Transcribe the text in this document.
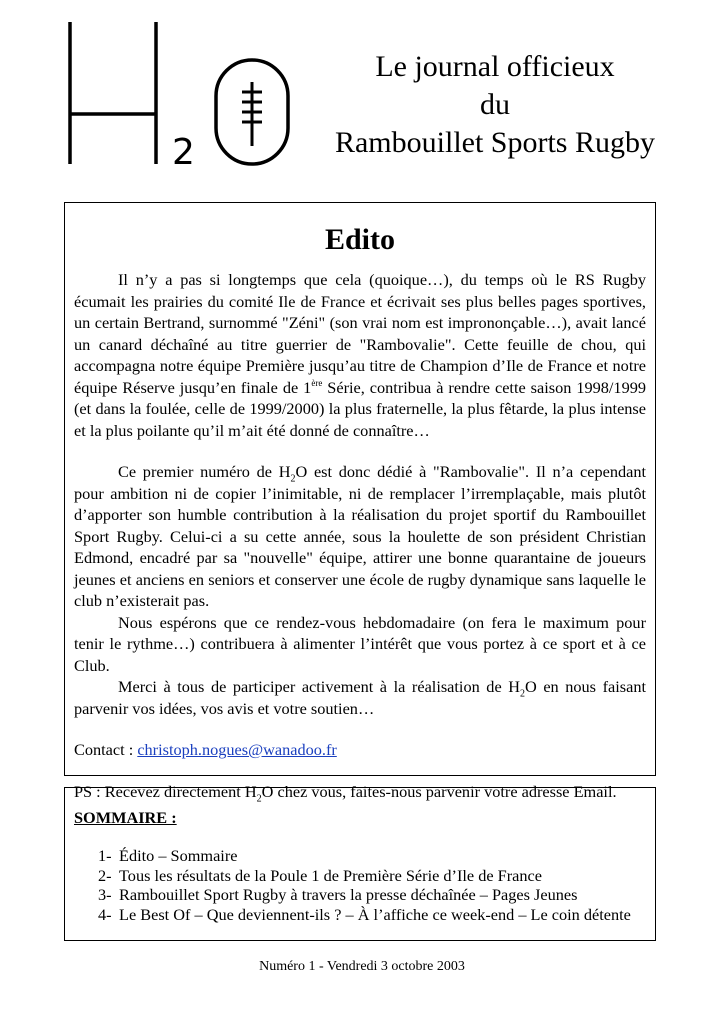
2
Le journal officieux
du
Rambouillet Sports Rugby
Edito

Il n’y a pas si longtemps que cela (quoique…), du temps où le RS Rugby écumait les prairies du comité Ile de France et écrivait ses plus belles pages sportives, un certain Bertrand, surnommé "Zéni" (son vrai nom est imprononçable…), avait lancé un canard déchaîné au titre guerrier de "Rambovalie". Cette feuille de chou, qui accompagna notre équipe Première jusqu’au titre de Champion d’Ile de France et notre équipe Réserve jusqu’en finale de 1ère Série, contribua à rendre cette saison 1998/1999 (et dans la foulée, celle de 1999/2000) la plus fraternelle, la plus fêtarde, la plus intense et la plus poilante qu’il m’ait été donné de connaître…

Ce premier numéro de $H_2O$ est donc dédié à "Rambovalie". Il n’a cependant pour ambition ni de copier l’inimitable, ni de remplacer l’irremplaçable, mais plutôt d’apporter son humble contribution à la réalisation du projet sportif du Rambouillet Sport Rugby. Celui-ci a su cette année, sous la houlette de son président Christian Edmond, encadré par sa "nouvelle" équipe, attirer une bonne quarantaine de joueurs jeunes et anciens en seniors et conserver une école de rugby dynamique sans laquelle le club n’existerait pas.

Nous espérons que ce rendez-vous hebdomadaire (on fera le maximum pour tenir le rythme…) contribuera à alimenter l’intérêt que vous portez à ce sport et à ce Club.

Merci à tous de participer activement à la réalisation de $H_2O$ en nous faisant parvenir vos idées, vos avis et votre soutien…

Contact : christoph.nogues@wanadoo.fr

PS : Recevez directement $H_2O$ chez vous, faites-nous parvenir votre adresse Email.

SOMMAIRE :
1- Édito – Sommaire
2- Tous les résultats de la Poule 1 de Première Série d’Ile de France
3- Rambouillet Sport Rugby à travers la presse déchaînée – Pages Jeunes
4- Le Best Of – Que deviennent-ils ? – À l’affiche ce week-end – Le coin détente
Numéro 1 - Vendredi 3 octobre 2003
